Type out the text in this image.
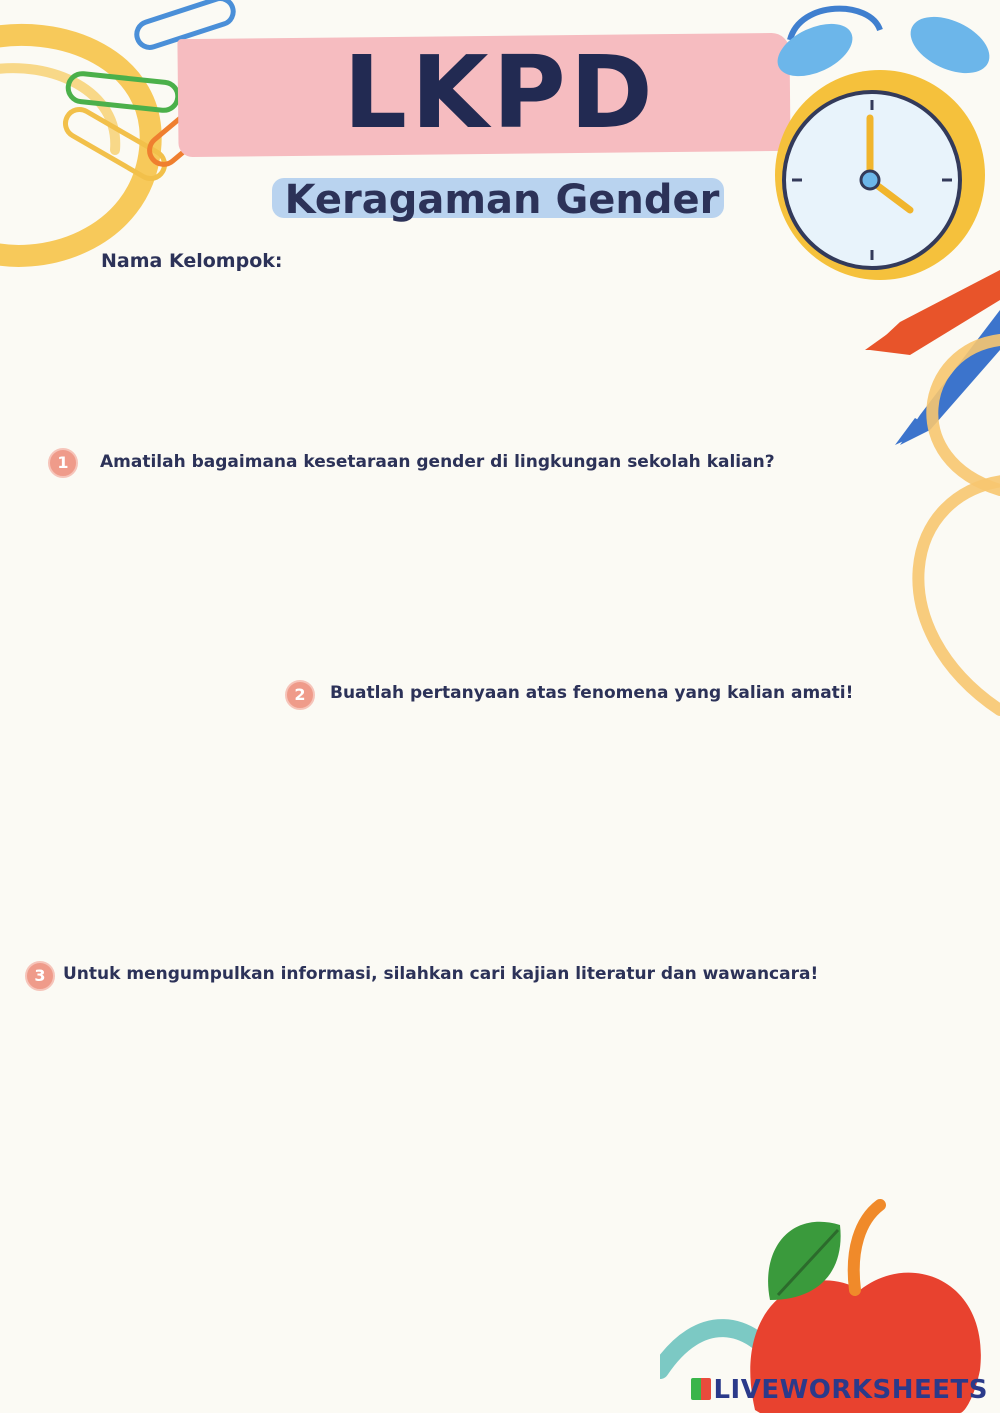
LKPD
Keragaman Gender
Nama Kelompok:
1	Amatilah bagaimana kesetaraan gender di lingkungan sekolah kalian?
2	Buatlah pertanyaan atas fenomena yang kalian amati!
3	Untuk mengumpulkan informasi, silahkan cari kajian literatur dan wawancara!
LIVEWORKSHEETS
